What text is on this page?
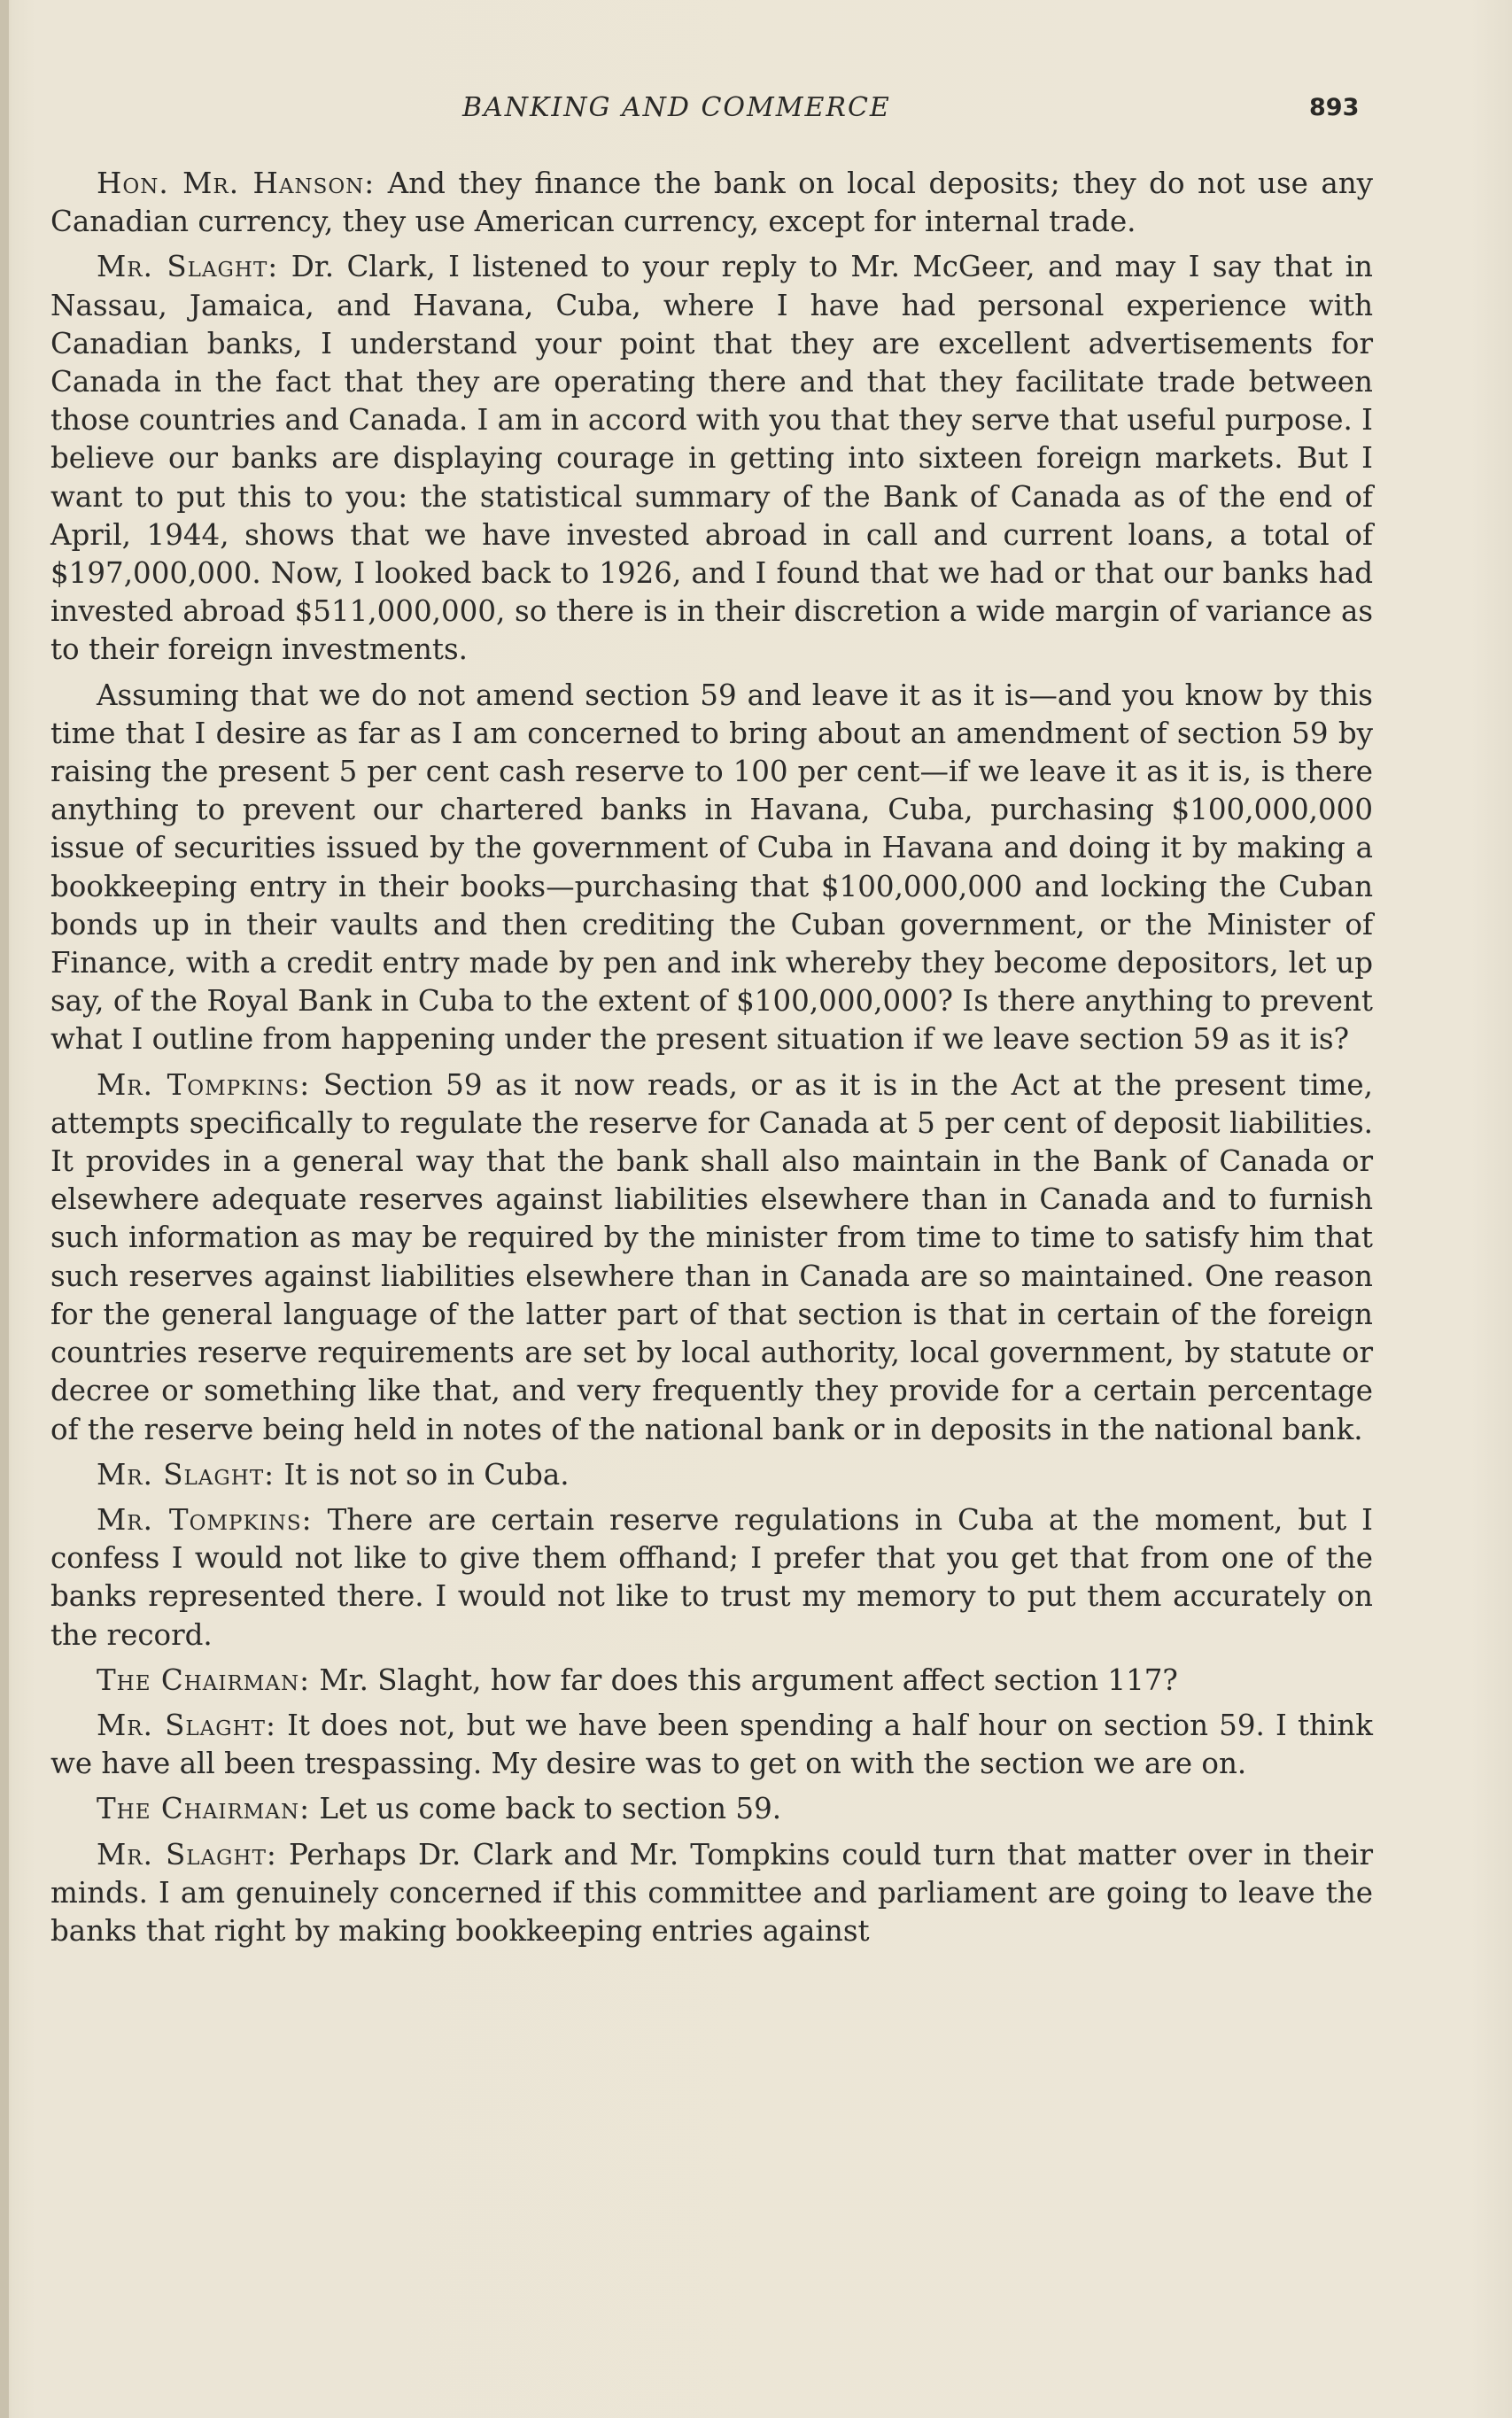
BANKING AND COMMERCE	893

Hon. Mr. Hanson: And they finance the bank on local deposits; they do not use any Canadian currency, they use American currency, except for internal trade.

Mr. Slaght: Dr. Clark, I listened to your reply to Mr. McGeer, and may I say that in Nassau, Jamaica, and Havana, Cuba, where I have had personal experience with Canadian banks, I understand your point that they are excellent advertisements for Canada in the fact that they are operating there and that they facilitate trade between those countries and Canada. I am in accord with you that they serve that useful purpose. I believe our banks are displaying courage in getting into sixteen foreign markets. But I want to put this to you: the statistical summary of the Bank of Canada as of the end of April, 1944, shows that we have invested abroad in call and current loans, a total of $197,000,000. Now, I looked back to 1926, and I found that we had or that our banks had invested abroad $511,000,000, so there is in their discretion a wide margin of variance as to their foreign investments.

Assuming that we do not amend section 59 and leave it as it is—and you know by this time that I desire as far as I am concerned to bring about an amendment of section 59 by raising the present 5 per cent cash reserve to 100 per cent—if we leave it as it is, is there anything to prevent our chartered banks in Havana, Cuba, purchasing $100,000,000 issue of securities issued by the government of Cuba in Havana and doing it by making a bookkeeping entry in their books—purchasing that $100,000,000 and locking the Cuban bonds up in their vaults and then crediting the Cuban government, or the Minister of Finance, with a credit entry made by pen and ink whereby they become depositors, let up say, of the Royal Bank in Cuba to the extent of $100,000,000? Is there anything to prevent what I outline from happening under the present situation if we leave section 59 as it is?

Mr. Tompkins: Section 59 as it now reads, or as it is in the Act at the present time, attempts specifically to regulate the reserve for Canada at 5 per cent of deposit liabilities. It provides in a general way that the bank shall also maintain in the Bank of Canada or elsewhere adequate reserves against liabilities elsewhere than in Canada and to furnish such information as may be required by the minister from time to time to satisfy him that such reserves against liabilities elsewhere than in Canada are so maintained. One reason for the general language of the latter part of that section is that in certain of the foreign countries reserve requirements are set by local authority, local government, by statute or decree or something like that, and very frequently they provide for a certain percentage of the reserve being held in notes of the national bank or in deposits in the national bank.

Mr. Slaght: It is not so in Cuba.

Mr. Tompkins: There are certain reserve regulations in Cuba at the moment, but I confess I would not like to give them offhand; I prefer that you get that from one of the banks represented there. I would not like to trust my memory to put them accurately on the record.

The Chairman: Mr. Slaght, how far does this argument affect section 117?

Mr. Slaght: It does not, but we have been spending a half hour on section 59. I think we have all been trespassing. My desire was to get on with the section we are on.

The Chairman: Let us come back to section 59.

Mr. Slaght: Perhaps Dr. Clark and Mr. Tompkins could turn that matter over in their minds. I am genuinely concerned if this committee and parliament are going to leave the banks that right by making bookkeeping entries against
